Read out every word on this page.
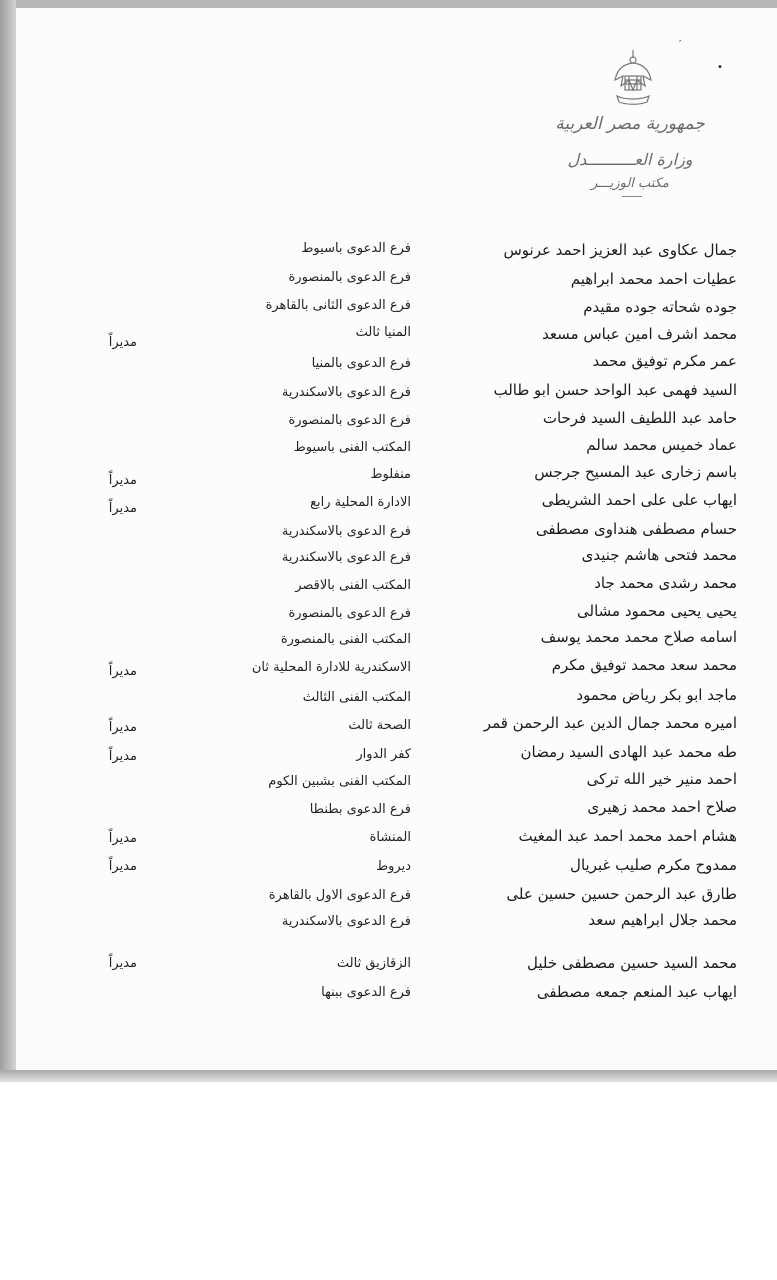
′
•
جمهورية مصر العربية
وزارة العــــــــــدل
مكتب الوزيـــر
جمال عكاوى عبد العزيز احمد عرنوس
فرع الدعوى باسيوط
عطيات احمد محمد ابراهيم
فرع الدعوى بالمنصورة
جوده شحاته جوده مقيدم
فرع الدعوى الثانى بالقاهرة
محمد اشرف امين عباس مسعد
المنيا ثالث
مديراً
عمر مكرم توفيق محمد
فرع الدعوى بالمنيا
السيد فهمى عبد الواحد حسن ابو طالب
فرع الدعوى بالاسكندرية
حامد عبد اللطيف السيد فرحات
فرع الدعوى بالمنصورة
عماد خميس محمد سالم
المكتب الفنى باسيوط
باسم زخارى عبد المسيح جرجس
منفلوط
مديراً
ايهاب على على احمد الشريطى
الادارة المحلية رابع
مديراً
حسام مصطفى هنداوى مصطفى
فرع الدعوى بالاسكندرية
محمد فتحى هاشم جنيدى
فرع الدعوى بالاسكندرية
محمد رشدى محمد جاد
المكتب الفنى بالاقصر
يحيى يحيى محمود مشالى
فرع الدعوى بالمنصورة
اسامه صلاح محمد محمد يوسف
المكتب الفنى بالمنصورة
محمد سعد محمد توفيق مكرم
الاسكندرية للادارة المحلية ثان
مديراً
ماجد ابو بكر رياض محمود
المكتب الفنى الثالث
اميره محمد جمال الدين عبد الرحمن قمر
الصحة ثالث
مديراً
طه محمد عبد الهادى السيد رمضان
كفر الدوار
مديراً
احمد منير خير الله تركى
المكتب الفنى بشبين الكوم
صلاح احمد محمد زهيرى
فرع الدعوى بطنطا
هشام احمد محمد احمد عبد المغيث
المنشاة
مديراً
ممدوح مكرم صليب غبريال
ديروط
مديراً
طارق عبد الرحمن حسين حسين على
فرع الدعوى الاول بالقاهرة
محمد جلال ابراهيم سعد
فرع الدعوى بالاسكندرية
محمد السيد حسين مصطفى خليل
الزقازيق ثالث
مديراً
ايهاب عبد المنعم جمعه مصطفى
فرع الدعوى ببنها
